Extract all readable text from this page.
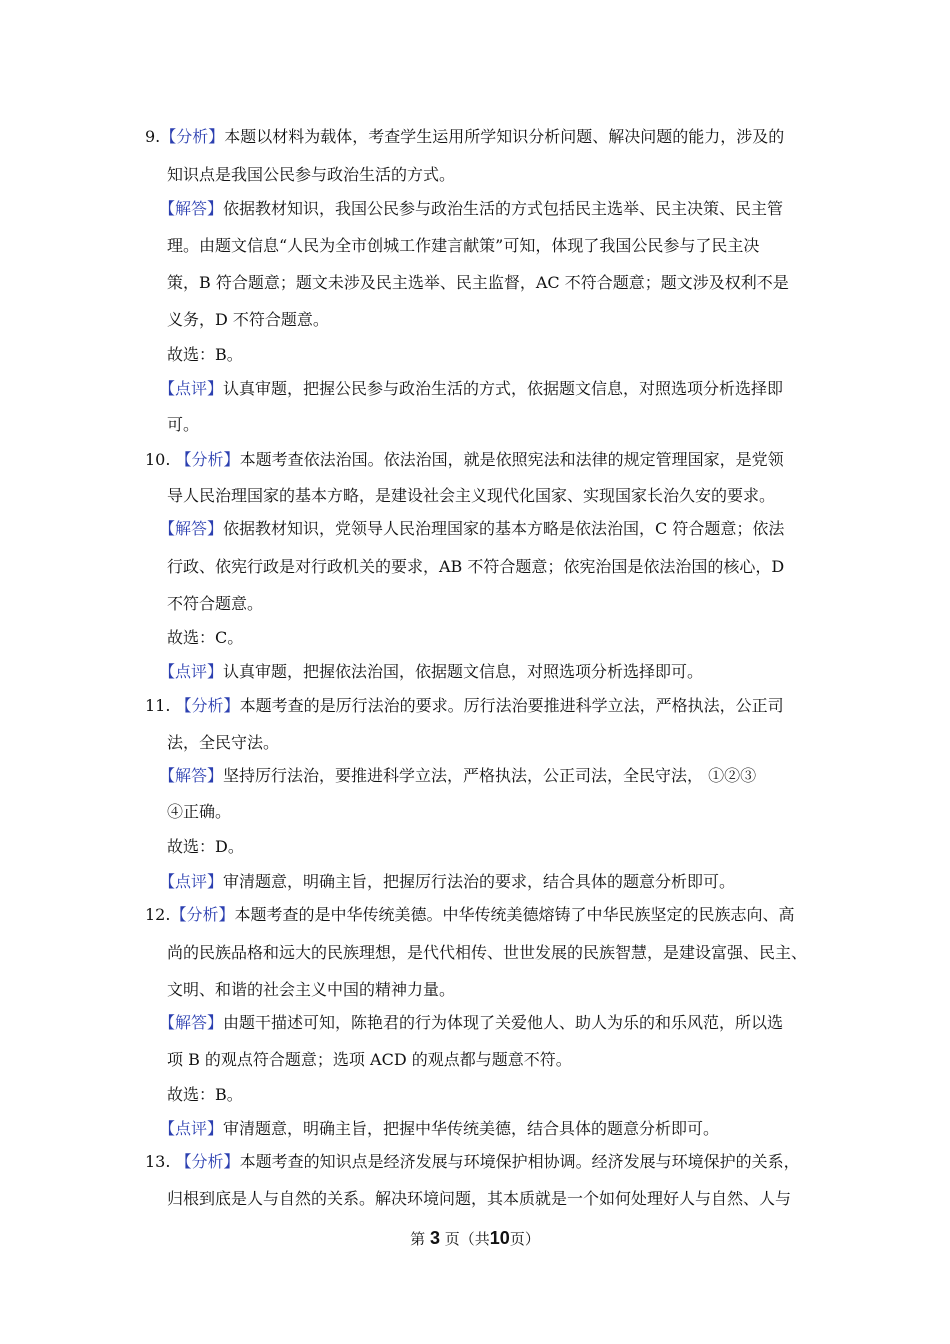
9.【分析】本题以材料为载体，考查学生运用所学知识分析问题、解决问题的能力，涉及的
知识点是我国公民参与政治生活的方式。
【解答】依据教材知识，我国公民参与政治生活的方式包括民主选举、民主决策、民主管
理。由题文信息“人民为全市创城工作建言献策”可知，体现了我国公民参与了民主决
策，B 符合题意；题文未涉及民主选举、民主监督，AC 不符合题意；题文涉及权利不是
义务，D 不符合题意。
故选：B。
【点评】认真审题，把握公民参与政治生活的方式，依据题文信息，对照选项分析选择即
可。
10. 【分析】本题考查依法治国。依法治国，就是依照宪法和法律的规定管理国家，是党领
导人民治理国家的基本方略，是建设社会主义现代化国家、实现国家长治久安的要求。
【解答】依据教材知识，党领导人民治理国家的基本方略是依法治国，C 符合题意；依法
行政、依宪行政是对行政机关的要求，AB 不符合题意；依宪治国是依法治国的核心，D
不符合题意。
故选：C。
【点评】认真审题，把握依法治国，依据题文信息，对照选项分析选择即可。
11. 【分析】本题考查的是厉行法治的要求。厉行法治要推进科学立法，严格执法，公正司
法，全民守法。
【解答】坚持厉行法治，要推进科学立法，严格执法，公正司法，全民守法， ①②③
④正确。
故选：D。
【点评】审清题意，明确主旨，把握厉行法治的要求，结合具体的题意分析即可。
12.【分析】本题考查的是中华传统美德。中华传统美德熔铸了中华民族坚定的民族志向、高
尚的民族品格和远大的民族理想，是代代相传、世世发展的民族智慧，是建设富强、民主、
文明、和谐的社会主义中国的精神力量。
【解答】由题干描述可知，陈艳君的行为体现了关爱他人、助人为乐的和乐风范，所以选
项 B 的观点符合题意；选项 ACD 的观点都与题意不符。
故选：B。
【点评】审清题意，明确主旨，把握中华传统美德，结合具体的题意分析即可。
13. 【分析】本题考查的知识点是经济发展与环境保护相协调。经济发展与环境保护的关系，
归根到底是人与自然的关系。解决环境问题，其本质就是一个如何处理好人与自然、人与
第 3 页（共10页）
